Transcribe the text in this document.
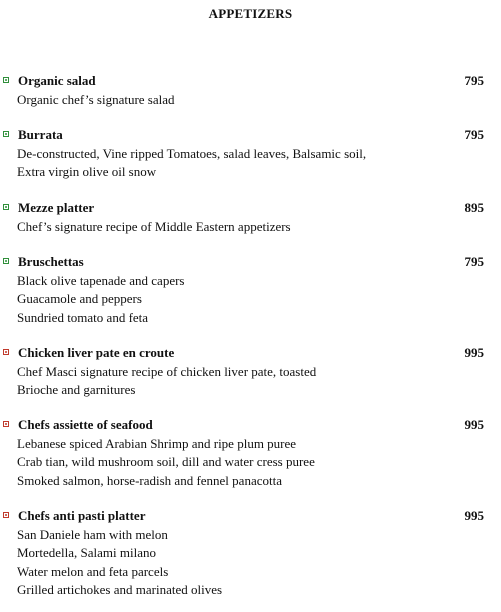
APPETIZERS
Organic salad	795
Organic chef’s signature salad
Burrata	795
De-constructed, Vine ripped Tomatoes, salad leaves, Balsamic soil,
Extra virgin olive oil snow
Mezze platter	895
Chef’s signature recipe of Middle Eastern appetizers
Bruschettas	795
Black olive tapenade and capers
Guacamole and peppers
Sundried tomato and feta
Chicken liver pate en croute	995
Chef Masci signature recipe of chicken liver pate, toasted
Brioche and garnitures
Chefs assiette of seafood	995
Lebanese spiced Arabian Shrimp and ripe plum puree
Crab tian, wild mushroom soil, dill and water cress puree
Smoked salmon, horse-radish and fennel panacotta
Chefs anti pasti platter	995
San Daniele ham with melon
Mortedella, Salami milano
Water melon and feta parcels
Grilled artichokes and marinated olives
